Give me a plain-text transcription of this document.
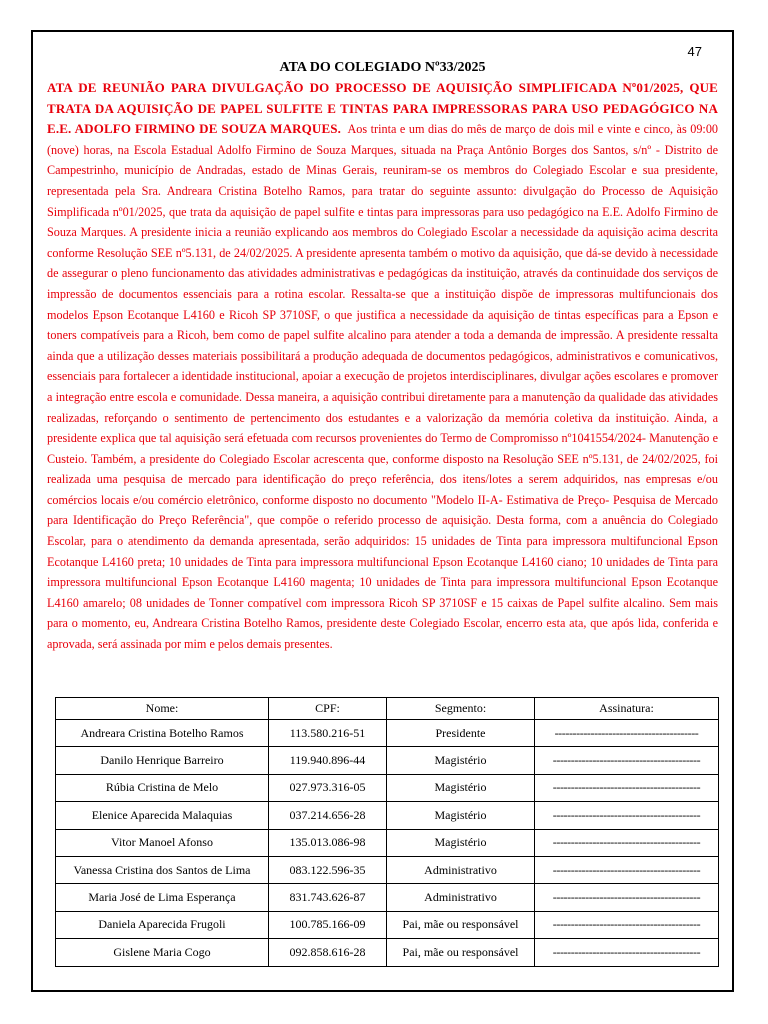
47
ATA DO COLEGIADO Nº33/2025

ATA DE REUNIÃO PARA DIVULGAÇÃO DO PROCESSO DE AQUISIÇÃO SIMPLIFICADA Nº01/2025, QUE TRATA DA AQUISIÇÃO DE PAPEL SULFITE E TINTAS PARA IMPRESSORAS PARA USO PEDAGÓGICO NA E.E. ADOLFO FIRMINO DE SOUZA MARQUES. Aos trinta e um dias do mês de março de dois mil e vinte e cinco, às 09:00 (nove) horas, na Escola Estadual Adolfo Firmino de Souza Marques, situada na Praça Antônio Borges dos Santos, s/nº - Distrito de Campestrinho, município de Andradas, estado de Minas Gerais, reuniram-se os membros do Colegiado Escolar e sua presidente, representada pela Sra. Andreara Cristina Botelho Ramos, para tratar do seguinte assunto: divulgação do Processo de Aquisição Simplificada nº01/2025, que trata da aquisição de papel sulfite e tintas para impressoras para uso pedagógico na E.E. Adolfo Firmino de Souza Marques. A presidente inicia a reunião explicando aos membros do Colegiado Escolar a necessidade da aquisição acima descrita conforme Resolução SEE nº5.131, de 24/02/2025. A presidente apresenta também o motivo da aquisição, que dá-se devido à necessidade de assegurar o pleno funcionamento das atividades administrativas e pedagógicas da instituição, através da continuidade dos serviços de impressão de documentos essenciais para a rotina escolar. Ressalta-se que a instituição dispõe de impressoras multifuncionais dos modelos Epson Ecotanque L4160 e Ricoh SP 3710SF, o que justifica a necessidade da aquisição de tintas específicas para a Epson e toners compatíveis para a Ricoh, bem como de papel sulfite alcalino para atender a toda a demanda de impressão. A presidente ressalta ainda que a utilização desses materiais possibilitará a produção adequada de documentos pedagógicos, administrativos e comunicativos, essenciais para fortalecer a identidade institucional, apoiar a execução de projetos interdisciplinares, divulgar ações escolares e promover a integração entre escola e comunidade. Dessa maneira, a aquisição contribui diretamente para a manutenção da qualidade das atividades realizadas, reforçando o sentimento de pertencimento dos estudantes e a valorização da memória coletiva da instituição. Ainda, a presidente explica que tal aquisição será efetuada com recursos provenientes do Termo de Compromisso nº1041554/2024- Manutenção e Custeio. Também, a presidente do Colegiado Escolar acrescenta que, conforme disposto na Resolução SEE nº5.131, de 24/02/2025, foi realizada uma pesquisa de mercado para identificação do preço referência, dos itens/lotes a serem adquiridos, nas empresas e/ou comércios locais e/ou comércio eletrônico, conforme disposto no documento "Modelo II-A- Estimativa de Preço- Pesquisa de Mercado para Identificação do Preço Referência", que compõe o referido processo de aquisição. Desta forma, com a anuência do Colegiado Escolar, para o atendimento da demanda apresentada, serão adquiridos: 15 unidades de Tinta para impressora multifuncional Epson Ecotanque L4160 preta; 10 unidades de Tinta para impressora multifuncional Epson Ecotanque L4160 ciano; 10 unidades de Tinta para impressora multifuncional Epson Ecotanque L4160 magenta; 10 unidades de Tinta para impressora multifuncional Epson Ecotanque L4160 amarelo; 08 unidades de Tonner compatível com impressora Ricoh SP 3710SF e 15 caixas de Papel sulfite alcalino. Sem mais para o momento, eu, Andreara Cristina Botelho Ramos, presidente deste Colegiado Escolar, encerro esta ata, que após lida, conferida e aprovada, será assinada por mim e pelos demais presentes.

Nome:	CPF:	Segmento:	Assinatura:
Andreara Cristina Botelho Ramos	113.580.216-51	Presidente	----------------------------------------
Danilo Henrique Barreiro	119.940.896-44	Magistério	-----------------------------------------
Rúbia Cristina de Melo	027.973.316-05	Magistério	-----------------------------------------
Elenice Aparecida Malaquias	037.214.656-28	Magistério	-----------------------------------------
Vitor Manoel Afonso	135.013.086-98	Magistério	-----------------------------------------
Vanessa Cristina dos Santos de Lima	083.122.596-35	Administrativo	-----------------------------------------
Maria José de Lima Esperança	831.743.626-87	Administrativo	-----------------------------------------
Daniela Aparecida Frugoli	100.785.166-09	Pai, mãe ou responsável	-----------------------------------------
Gislene Maria Cogo	092.858.616-28	Pai, mãe ou responsável	-----------------------------------------
